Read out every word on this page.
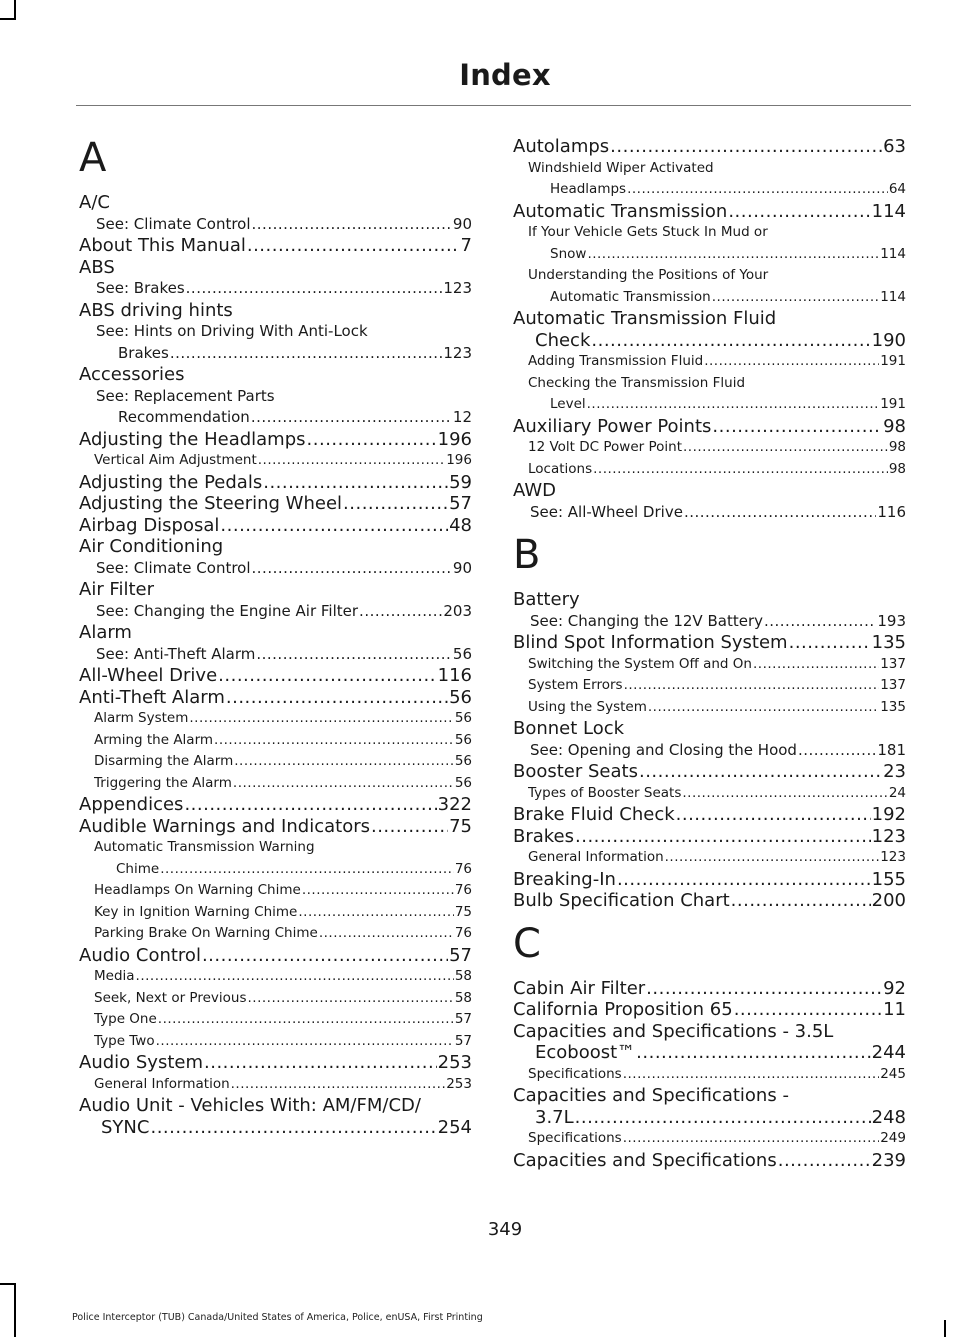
Index
A
A/C
See: Climate Control .....	90
About This Manual .....	7
ABS
See: Brakes .....	123
ABS driving hints
See: Hints on Driving With Anti-Lock
Brakes .....	123
Accessories
See: Replacement Parts
Recommendation .....	12
Adjusting the Headlamps .....	196
Vertical Aim Adjustment .....	196
Adjusting the Pedals .....	59
Adjusting the Steering Wheel .....	57
Airbag Disposal .....	48
Air Conditioning
See: Climate Control .....	90
Air Filter
See: Changing the Engine Air Filter .....	203
Alarm
See: Anti-Theft Alarm .....	56
All-Wheel Drive .....	116
Anti-Theft Alarm .....	56
Alarm System .....	56
Arming the Alarm .....	56
Disarming the Alarm .....	56
Triggering the Alarm .....	56
Appendices .....	322
Audible Warnings and Indicators .....	75
Automatic Transmission Warning
Chime .....	76
Headlamps On Warning Chime .....	76
Key in Ignition Warning Chime .....	75
Parking Brake On Warning Chime .....	76
Audio Control .....	57
Media .....	58
Seek, Next or Previous .....	58
Type One .....	57
Type Two .....	57
Audio System .....	253
General Information .....	253
Audio Unit - Vehicles With: AM/FM/CD/
SYNC .....	254
Autolamps .....	63
Windshield Wiper Activated
Headlamps .....	64
Automatic Transmission .....	114
If Your Vehicle Gets Stuck In Mud or
Snow .....	114
Understanding the Positions of Your
Automatic Transmission .....	114
Automatic Transmission Fluid
Check .....	190
Adding Transmission Fluid .....	191
Checking the Transmission Fluid
Level .....	191
Auxiliary Power Points .....	98
12 Volt DC Power Point .....	98
Locations .....	98
AWD
See: All-Wheel Drive .....	116
B
Battery
See: Changing the 12V Battery .....	193
Blind Spot Information System .....	135
Switching the System Off and On .....	137
System Errors .....	137
Using the System .....	135
Bonnet Lock
See: Opening and Closing the Hood .....	181
Booster Seats .....	23
Types of Booster Seats .....	24
Brake Fluid Check .....	192
Brakes .....	123
General Information .....	123
Breaking-In .....	155
Bulb Specification Chart .....	200
C
Cabin Air Filter .....	92
California Proposition 65 .....	11
Capacities and Specifications - 3.5L
Ecoboost™ .....	244
Specifications .....	245
Capacities and Specifications -
3.7L .....	248
Specifications .....	249
Capacities and Specifications .....	239
349
Police Interceptor (TUB) Canada/United States of America, Police, enUSA, First Printing
